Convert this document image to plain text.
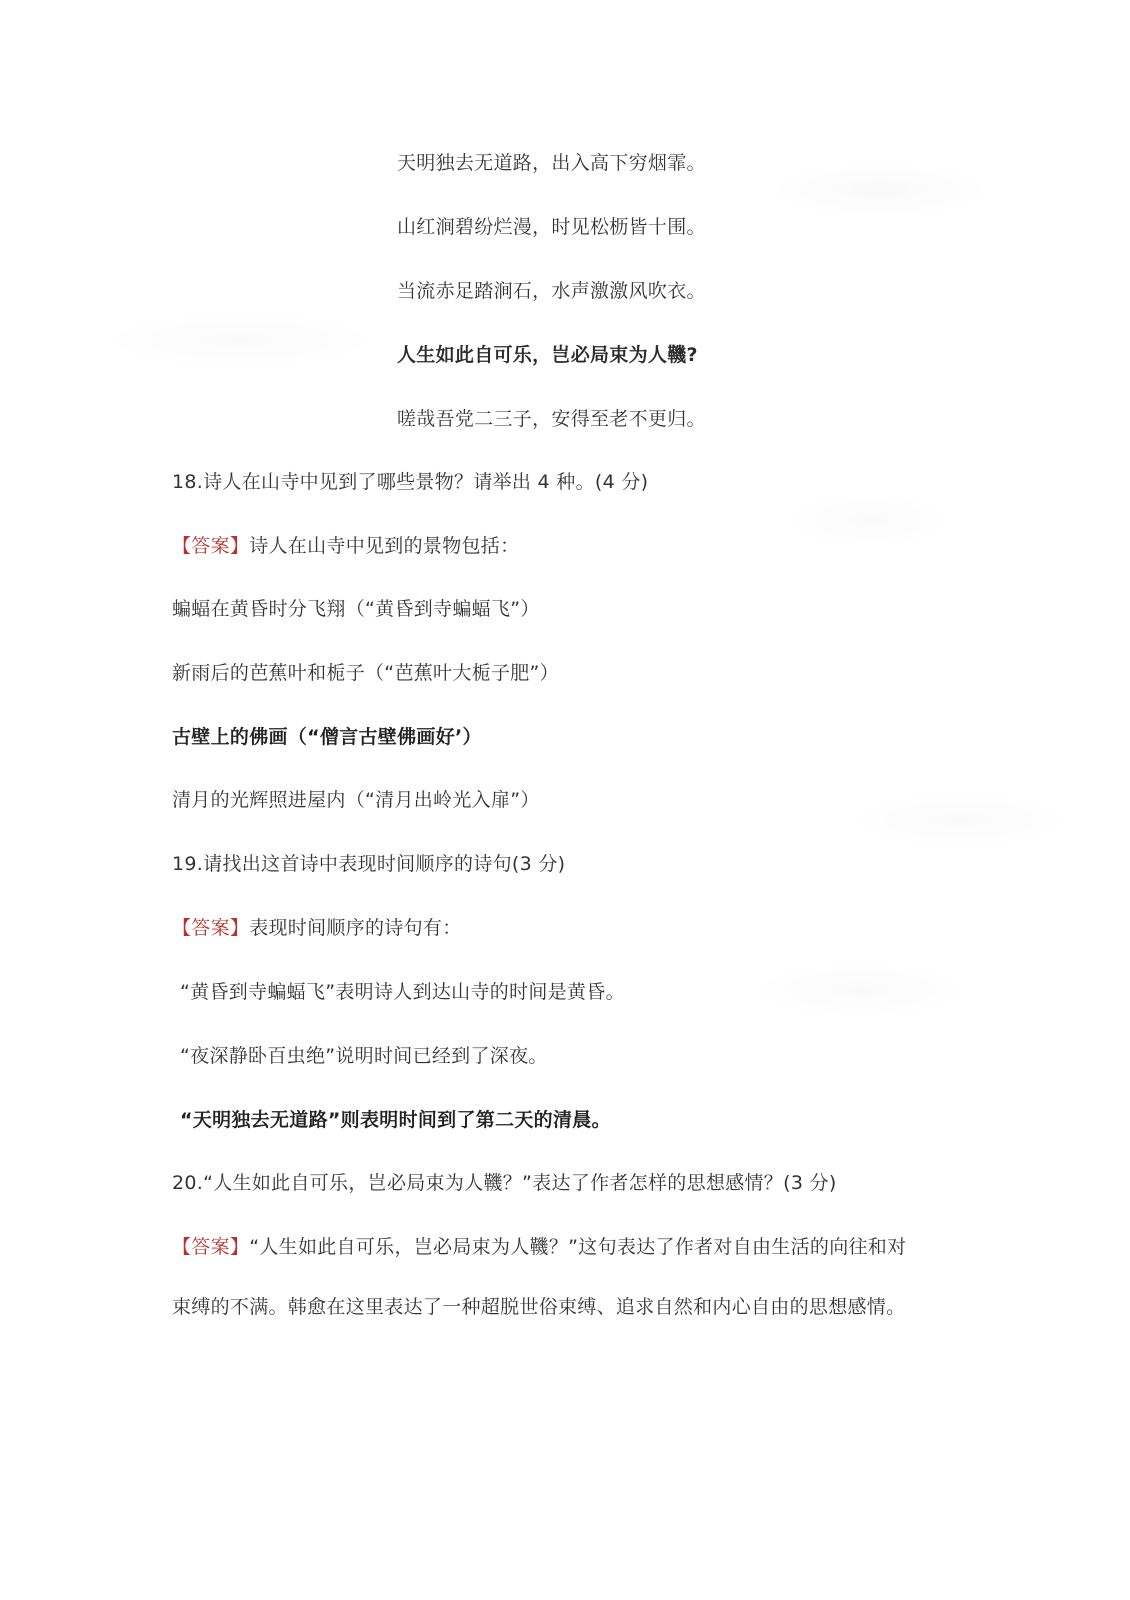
天明独去无道路，出入高下穷烟霏。
山红涧碧纷烂漫，时见松枥皆十围。
当流赤足踏涧石，水声激激风吹衣。
人生如此自可乐，岂必局束为人鞿?
嗟哉吾党二三子，安得至老不更归。
18.诗人在山寺中见到了哪些景物？请举出 4 种。(4 分)
【答案】诗人在山寺中见到的景物包括：
蝙蝠在黄昏时分飞翔（“黄昏到寺蝙蝠飞”）
新雨后的芭蕉叶和栀子（“芭蕉叶大栀子肥”）
古壁上的佛画（“僧言古壁佛画好’）
清月的光辉照进屋内（“清月出岭光入扉”）
19.请找出这首诗中表现时间顺序的诗句(3 分)
【答案】表现时间顺序的诗句有：
“黄昏到寺蝙蝠飞”表明诗人到达山寺的时间是黄昏。
“夜深静卧百虫绝”说明时间已经到了深夜。
“天明独去无道路”则表明时间到了第二天的清晨。
20.“人生如此自可乐，岂必局束为人鞿？”表达了作者怎样的思想感情？(3 分)
【答案】“人生如此自可乐，岂必局束为人鞿？”这句表达了作者对自由生活的向往和对
束缚的不满。韩愈在这里表达了一种超脱世俗束缚、追求自然和内心自由的思想感情。
